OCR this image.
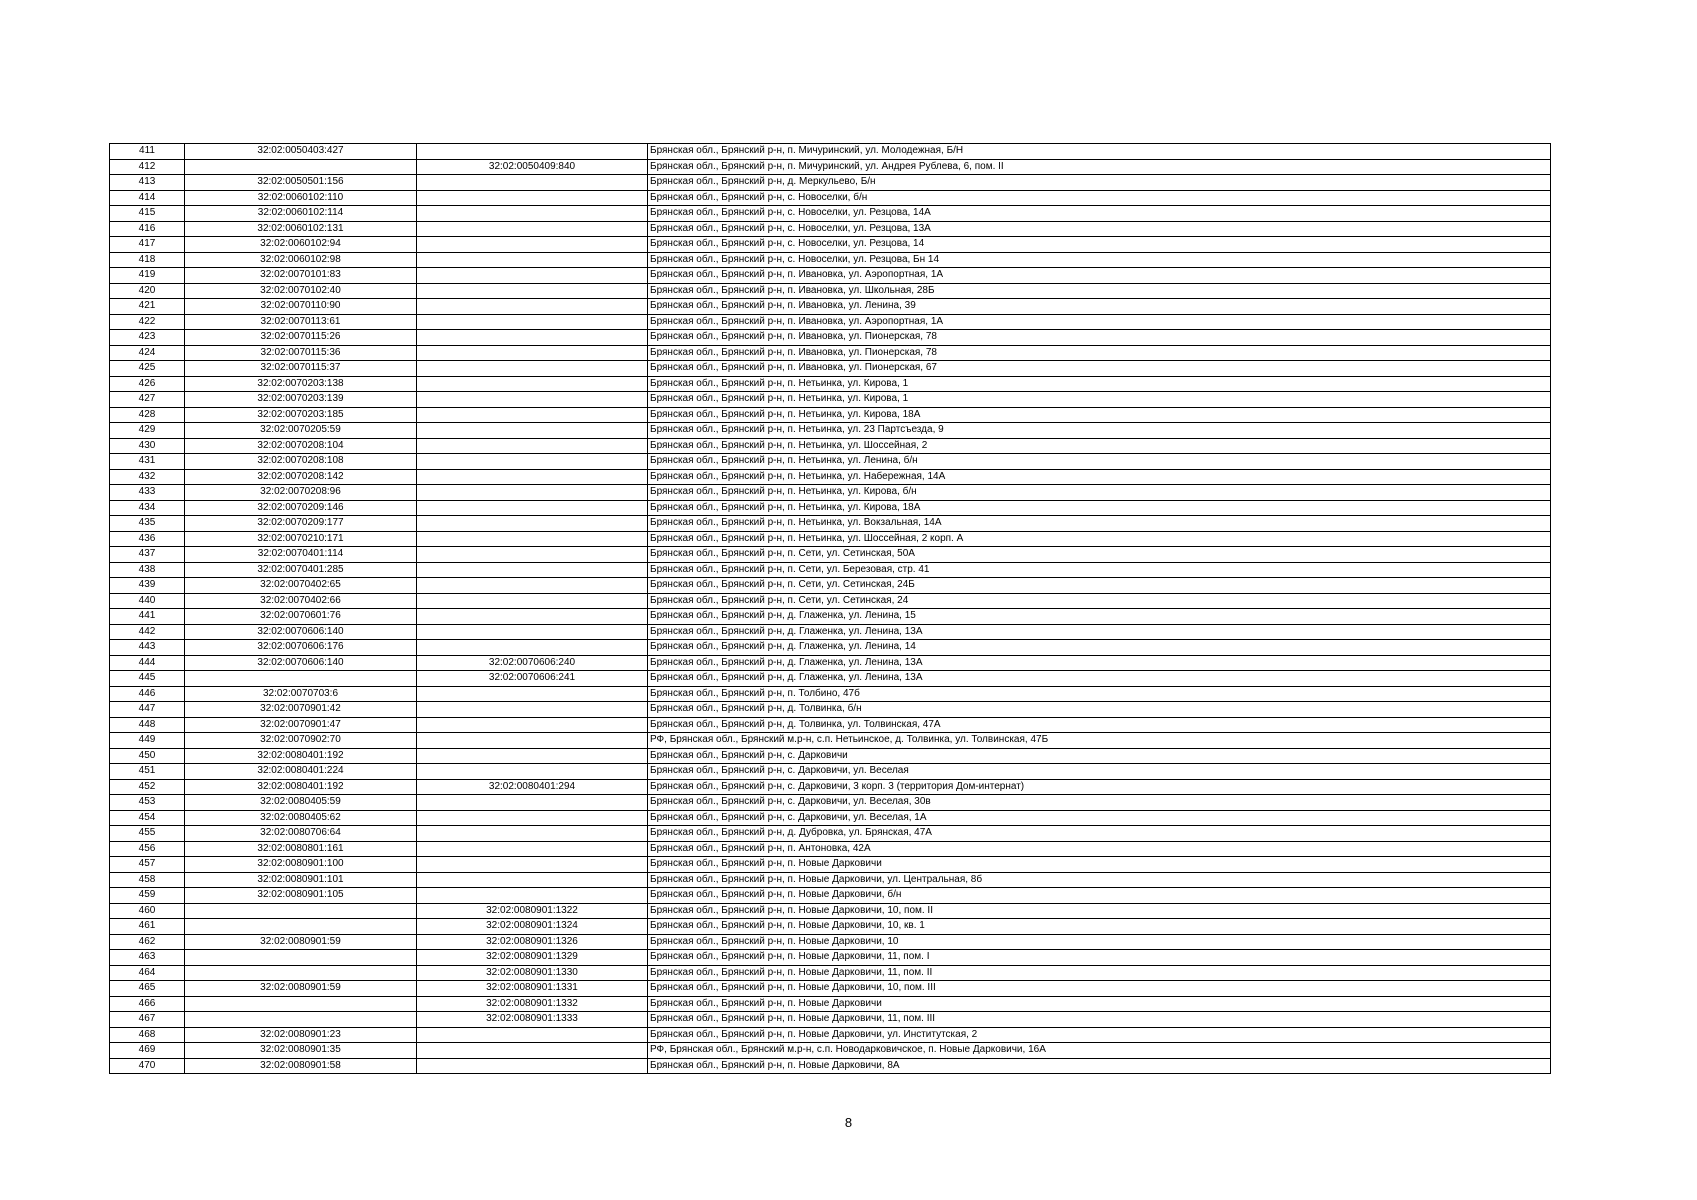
411	32:02:0050403:427		Брянская обл., Брянский р-н, п. Мичуринский, ул. Молодежная, Б/Н
412		32:02:0050409:840	Брянская обл., Брянский р-н, п. Мичуринский, ул. Андрея Рублева, 6, пом. II
413	32:02:0050501:156		Брянская обл., Брянский р-н, д. Меркульево, Б/н
414	32:02:0060102:110		Брянская обл., Брянский р-н, с. Новоселки, б/н
415	32:02:0060102:114		Брянская обл., Брянский р-н, с. Новоселки, ул. Резцова, 14А
416	32:02:0060102:131		Брянская обл., Брянский р-н, с. Новоселки, ул. Резцова, 13А
417	32:02:0060102:94		Брянская обл., Брянский р-н, с. Новоселки, ул. Резцова, 14
418	32:02:0060102:98		Брянская обл., Брянский р-н, с. Новоселки, ул. Резцова, Бн 14
419	32:02:0070101:83		Брянская обл., Брянский р-н, п. Ивановка, ул. Аэропортная, 1А
420	32:02:0070102:40		Брянская обл., Брянский р-н, п. Ивановка, ул. Школьная, 28Б
421	32:02:0070110:90		Брянская обл., Брянский р-н, п. Ивановка, ул. Ленина, 39
422	32:02:0070113:61		Брянская обл., Брянский р-н, п. Ивановка, ул. Аэропортная, 1А
423	32:02:0070115:26		Брянская обл., Брянский р-н, п. Ивановка, ул. Пионерская, 78
424	32:02:0070115:36		Брянская обл., Брянский р-н, п. Ивановка, ул. Пионерская, 78
425	32:02:0070115:37		Брянская обл., Брянский р-н, п. Ивановка, ул. Пионерская, 67
426	32:02:0070203:138		Брянская обл., Брянский р-н, п. Нетьинка, ул. Кирова, 1
427	32:02:0070203:139		Брянская обл., Брянский р-н, п. Нетьинка, ул. Кирова, 1
428	32:02:0070203:185		Брянская обл., Брянский р-н, п. Нетьинка, ул. Кирова, 18А
429	32:02:0070205:59		Брянская обл., Брянский р-н, п. Нетьинка, ул. 23 Партсъезда, 9
430	32:02:0070208:104		Брянская обл., Брянский р-н, п. Нетьинка, ул. Шоссейная, 2
431	32:02:0070208:108		Брянская обл., Брянский р-н, п. Нетьинка, ул. Ленина, б/н
432	32:02:0070208:142		Брянская обл., Брянский р-н, п. Нетьинка, ул. Набережная, 14А
433	32:02:0070208:96		Брянская обл., Брянский р-н, п. Нетьинка, ул. Кирова, б/н
434	32:02:0070209:146		Брянская обл., Брянский р-н, п. Нетьинка, ул. Кирова, 18А
435	32:02:0070209:177		Брянская обл., Брянский р-н, п. Нетьинка, ул. Вокзальная, 14А
436	32:02:0070210:171		Брянская обл., Брянский р-н, п. Нетьинка, ул. Шоссейная, 2 корп. А
437	32:02:0070401:114		Брянская обл., Брянский р-н, п. Сети, ул. Сетинская, 50А
438	32:02:0070401:285		Брянская обл., Брянский р-н, п. Сети, ул. Березовая, стр. 41
439	32:02:0070402:65		Брянская обл., Брянский р-н, п. Сети, ул. Сетинская, 24Б
440	32:02:0070402:66		Брянская обл., Брянский р-н, п. Сети, ул. Сетинская, 24
441	32:02:0070601:76		Брянская обл., Брянский р-н, д. Глаженка, ул. Ленина, 15
442	32:02:0070606:140		Брянская обл., Брянский р-н, д. Глаженка, ул. Ленина, 13А
443	32:02:0070606:176		Брянская обл., Брянский р-н, д. Глаженка, ул. Ленина, 14
444	32:02:0070606:140	32:02:0070606:240	Брянская обл., Брянский р-н, д. Глаженка, ул. Ленина, 13А
445		32:02:0070606:241	Брянская обл., Брянский р-н, д. Глаженка, ул. Ленина, 13А
446	32:02:0070703:6		Брянская обл., Брянский р-н, п. Толбино, 47б
447	32:02:0070901:42		Брянская обл., Брянский р-н, д. Толвинка, б/н
448	32:02:0070901:47		Брянская обл., Брянский р-н, д. Толвинка, ул. Толвинская, 47А
449	32:02:0070902:70		РФ, Брянская обл., Брянский м.р-н, с.п. Нетьинское, д. Толвинка, ул. Толвинская, 47Б
450	32:02:0080401:192		Брянская обл., Брянский р-н, с. Дарковичи
451	32:02:0080401:224		Брянская обл., Брянский р-н, с. Дарковичи, ул. Веселая
452	32:02:0080401:192	32:02:0080401:294	Брянская обл., Брянский р-н, с. Дарковичи, 3 корп. 3 (территория Дом-интернат)
453	32:02:0080405:59		Брянская обл., Брянский р-н, с. Дарковичи, ул. Веселая, 30в
454	32:02:0080405:62		Брянская обл., Брянский р-н, с. Дарковичи, ул. Веселая, 1А
455	32:02:0080706:64		Брянская обл., Брянский р-н, д. Дубровка, ул. Брянская, 47А
456	32:02:0080801:161		Брянская обл., Брянский р-н, п. Антоновка, 42А
457	32:02:0080901:100		Брянская обл., Брянский р-н, п. Новые Дарковичи
458	32:02:0080901:101		Брянская обл., Брянский р-н, п. Новые Дарковичи, ул. Центральная, 8б
459	32:02:0080901:105		Брянская обл., Брянский р-н, п. Новые Дарковичи, б/н
460		32:02:0080901:1322	Брянская обл., Брянский р-н, п. Новые Дарковичи, 10, пом. II
461		32:02:0080901:1324	Брянская обл., Брянский р-н, п. Новые Дарковичи, 10, кв. 1
462	32:02:0080901:59	32:02:0080901:1326	Брянская обл., Брянский р-н, п. Новые Дарковичи, 10
463		32:02:0080901:1329	Брянская обл., Брянский р-н, п. Новые Дарковичи, 11, пом. I
464		32:02:0080901:1330	Брянская обл., Брянский р-н, п. Новые Дарковичи, 11, пом. II
465	32:02:0080901:59	32:02:0080901:1331	Брянская обл., Брянский р-н, п. Новые Дарковичи, 10, пом. III
466		32:02:0080901:1332	Брянская обл., Брянский р-н, п. Новые Дарковичи
467		32:02:0080901:1333	Брянская обл., Брянский р-н, п. Новые Дарковичи, 11, пом. III
468	32:02:0080901:23		Брянская обл., Брянский р-н, п. Новые Дарковичи, ул. Институтская, 2
469	32:02:0080901:35		РФ, Брянская обл., Брянский м.р-н, с.п. Новодарковичское, п. Новые Дарковичи, 16А
470	32:02:0080901:58		Брянская обл., Брянский р-н, п. Новые Дарковичи, 8А
8
